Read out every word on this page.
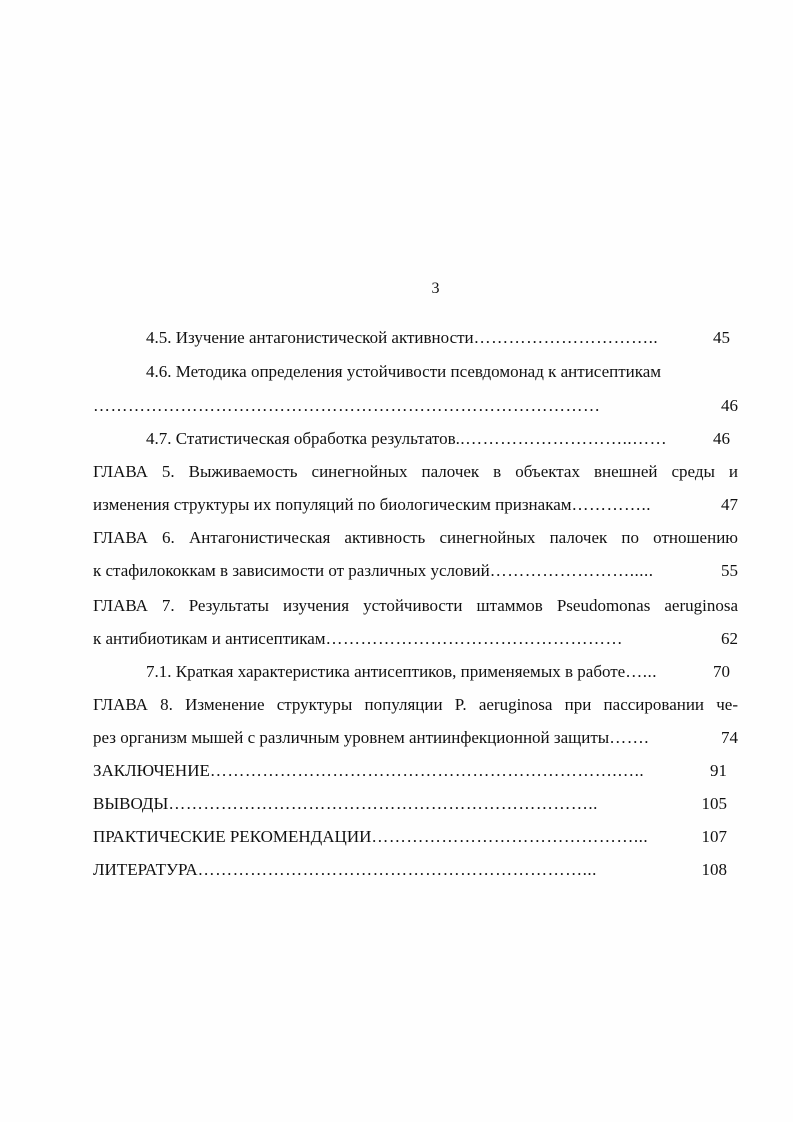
3
4.5. Изучение антагонистической активности …………………………..	45
4.6. Методика определения устойчивости псевдомонад к антисептикам
……………………………………………………………………………	46
4.7. Статистическая обработка результатов ..………………………..……	46
ГЛАВА 5. Выживаемость синегнойных палочек в объектах внешней среды и
изменения структуры их популяций по биологическим признакам …………..	47
ГЛАВА 6. Антагонистическая активность синегнойных палочек по отношению
к стафилококкам в зависимости от различных условий …………………….....	55
ГЛАВА 7. Результаты изучения устойчивости штаммов Pseudomonas aeruginosa
к антибиотикам и антисептикам ……………………………………………	62
7.1. Краткая характеристика антисептиков, применяемых в работе …...	70
ГЛАВА 8. Изменение структуры популяции P. aeruginosa при пассировании че-
рез организм мышей с различным уровнем антиинфекционной защиты …….	74
ЗАКЛЮЧЕНИЕ …………………………………………………………….…..	91
ВЫВОДЫ ………………………………………………………………..	105
ПРАКТИЧЕСКИЕ РЕКОМЕНДАЦИИ ………………………………………...	107
ЛИТЕРАТУРА …………………………………………………………...	108
